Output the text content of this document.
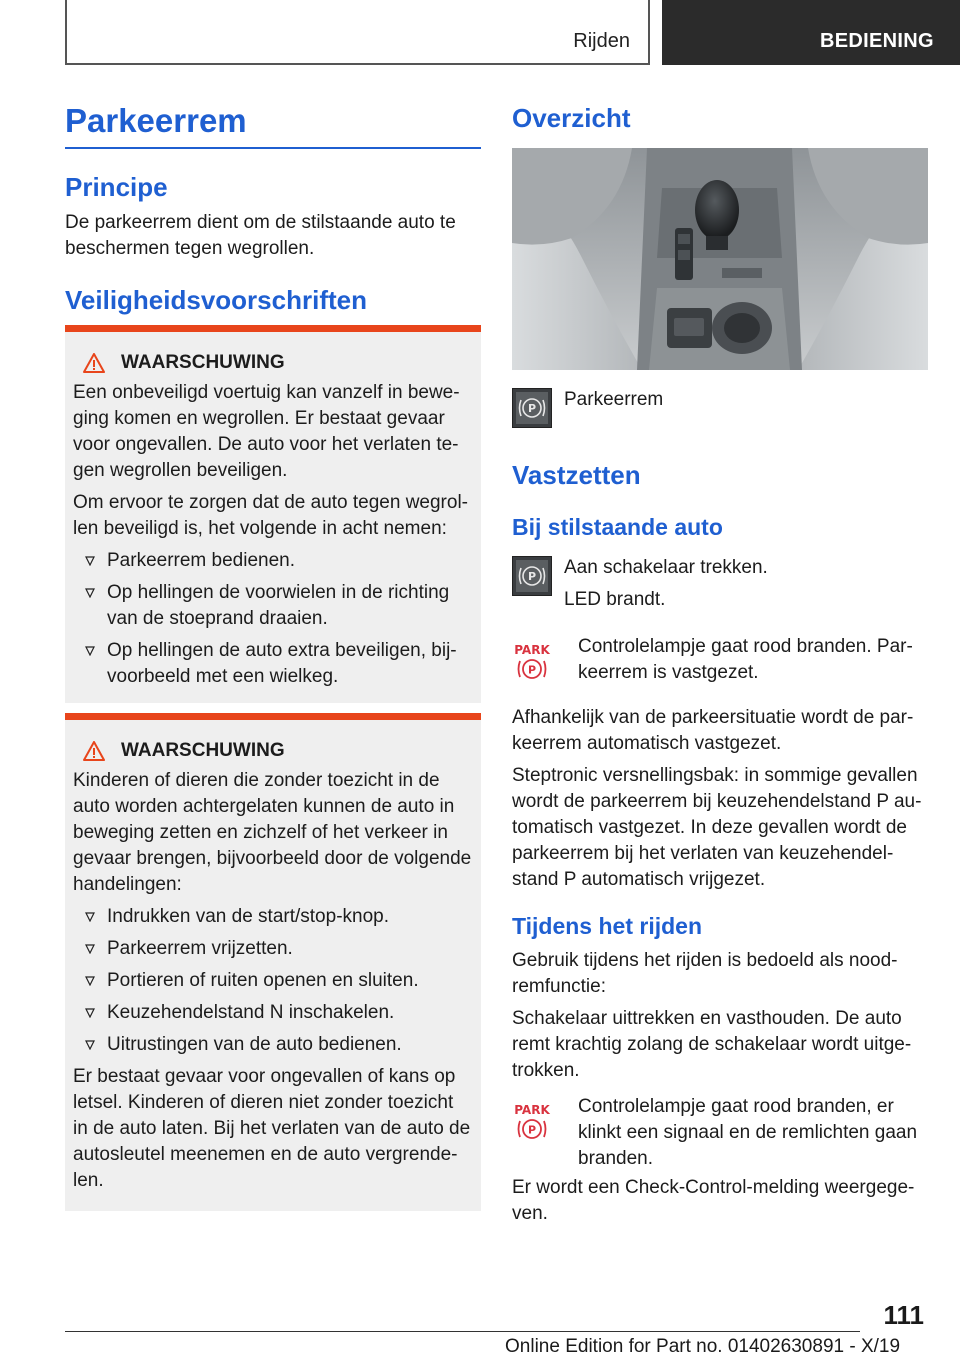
Rijden	BEDIENING
Parkeerrem
Principe
De parkeerrem dient om de stilstaande auto te beschermen tegen wegrollen.
Veiligheidsvoorschriften
WAARSCHUWING

Een onbeveiligd voertuig kan vanzelf in bewe-ging komen en wegrollen. Er bestaat gevaar voor ongevallen. De auto voor het verlaten te-gen wegrollen beveiligen.

Om ervoor te zorgen dat de auto tegen wegrol-len beveiligd is, het volgende in acht nemen:

Parkeerrem bedienen.
Op hellingen de voorwielen in de richting van de stoeprand draaien.
Op hellingen de auto extra beveiligen, bij-voorbeeld met een wielkeg.
WAARSCHUWING

Kinderen of dieren die zonder toezicht in de auto worden achtergelaten kunnen de auto in beweging zetten en zichzelf of het verkeer in gevaar brengen, bijvoorbeeld door de volgende handelingen:

Indrukken van de start/stop-knop.
Parkeerrem vrijzetten.
Portieren of ruiten openen en sluiten.
Keuzehendelstand N inschakelen.
Uitrustingen van de auto bedienen.

Er bestaat gevaar voor ongevallen of kans op letsel. Kinderen of dieren niet zonder toezicht in de auto laten. Bij het verlaten van de auto de autosleutel meenemen en de auto vergrende-len.

Overzicht
P Parkeerrem
Vastzetten
Bij stilstaande auto
P Aan schakelaar trekken.
LED brandt.
PARK
P
Controlelampje gaat rood branden. Par-keerrem is vastgezet.

Afhankelijk van de parkeersituatie wordt de par-keerrem automatisch vastgezet.

Steptronic versnellingsbak: in sommige gevallen wordt de parkeerrem bij keuzehendelstand P au-tomatisch vastgezet. In deze gevallen wordt de parkeerrem bij het verlaten van keuzehendel-stand P automatisch vrijgezet.

Tijdens het rijden

Gebruik tijdens het rijden is bedoeld als nood-remfunctie:

Schakelaar uittrekken en vasthouden. De auto remt krachtig zolang de schakelaar wordt uitge-trokken.

PARK
P
Controlelampje gaat rood branden, er klinkt een signaal en de remlichten gaan branden.

Er wordt een Check-Control-melding weergege-ven.

111
Online Edition for Part no. 01402630891 - X/19
